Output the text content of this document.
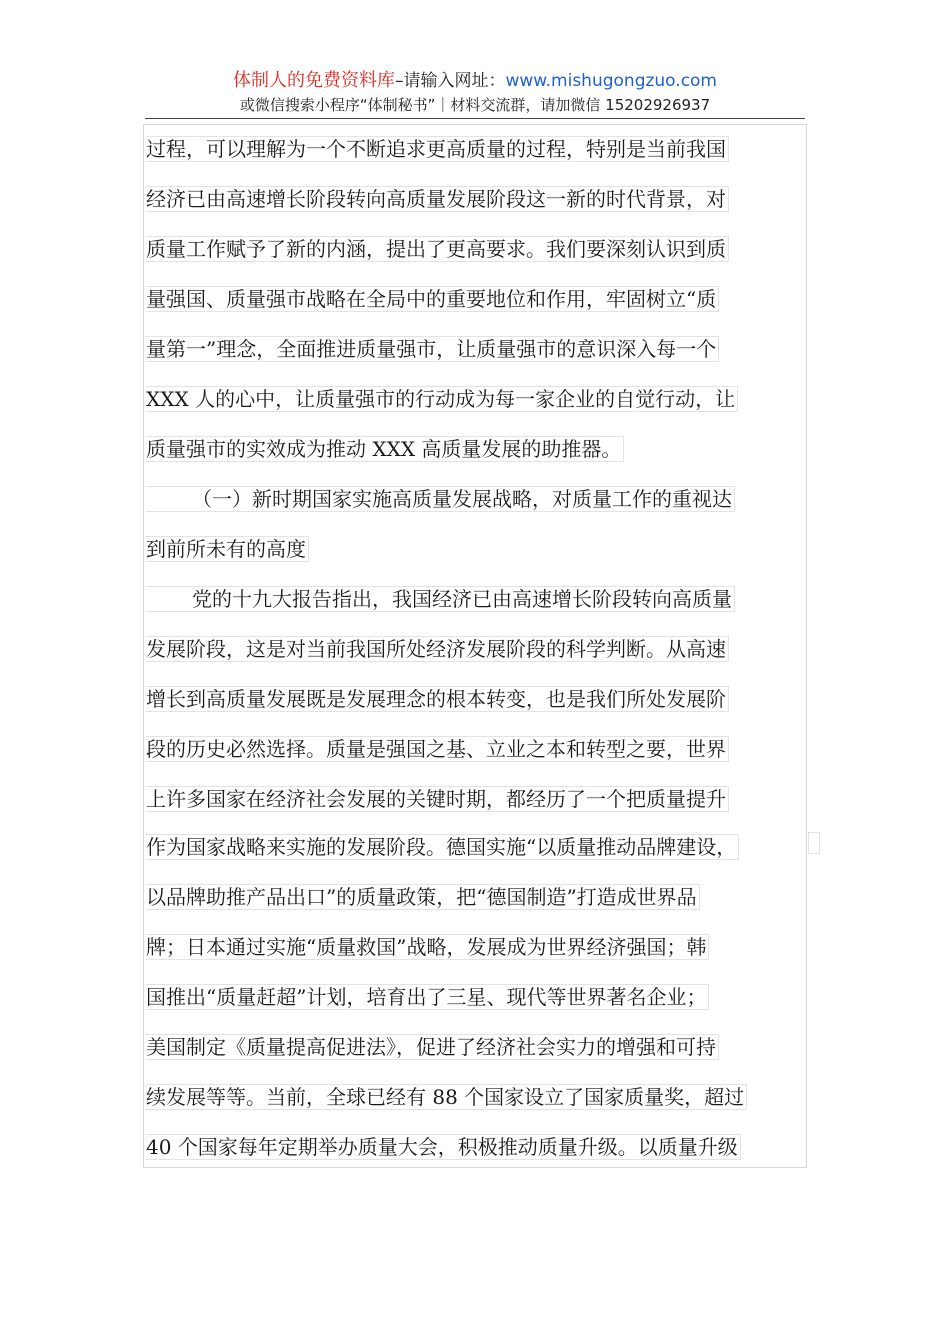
体制人的免费资料库–请输入网址：www.mishugongzuo.com
或微信搜索小程序“体制秘书”｜材料交流群，请加微信 15202926937
过程，可以理解为一个不断追求更高质量的过程，特别是当前我国
经济已由高速增长阶段转向高质量发展阶段这一新的时代背景，对
质量工作赋予了新的内涵，提出了更高要求。我们要深刻认识到质
量强国、质量强市战略在全局中的重要地位和作用，牢固树立“质
量第一”理念，全面推进质量强市，让质量强市的意识深入每一个
XXX 人的心中，让质量强市的行动成为每一家企业的自觉行动，让
质量强市的实效成为推动 XXX 高质量发展的助推器。
（一）新时期国家实施高质量发展战略，对质量工作的重视达
到前所未有的高度
党的十九大报告指出，我国经济已由高速增长阶段转向高质量
发展阶段，这是对当前我国所处经济发展阶段的科学判断。从高速
增长到高质量发展既是发展理念的根本转变，也是我们所处发展阶
段的历史必然选择。质量是强国之基、立业之本和转型之要，世界
上许多国家在经济社会发展的关键时期，都经历了一个把质量提升
作为国家战略来实施的发展阶段。德国实施“以质量推动品牌建设，
以品牌助推产品出口”的质量政策，把“德国制造”打造成世界品
牌；日本通过实施“质量救国”战略，发展成为世界经济强国；韩
国推出“质量赶超”计划，培育出了三星、现代等世界著名企业；
美国制定《质量提高促进法》，促进了经济社会实力的增强和可持
续发展等等。当前，全球已经有 88 个国家设立了国家质量奖，超过
40 个国家每年定期举办质量大会，积极推动质量升级。以质量升级
